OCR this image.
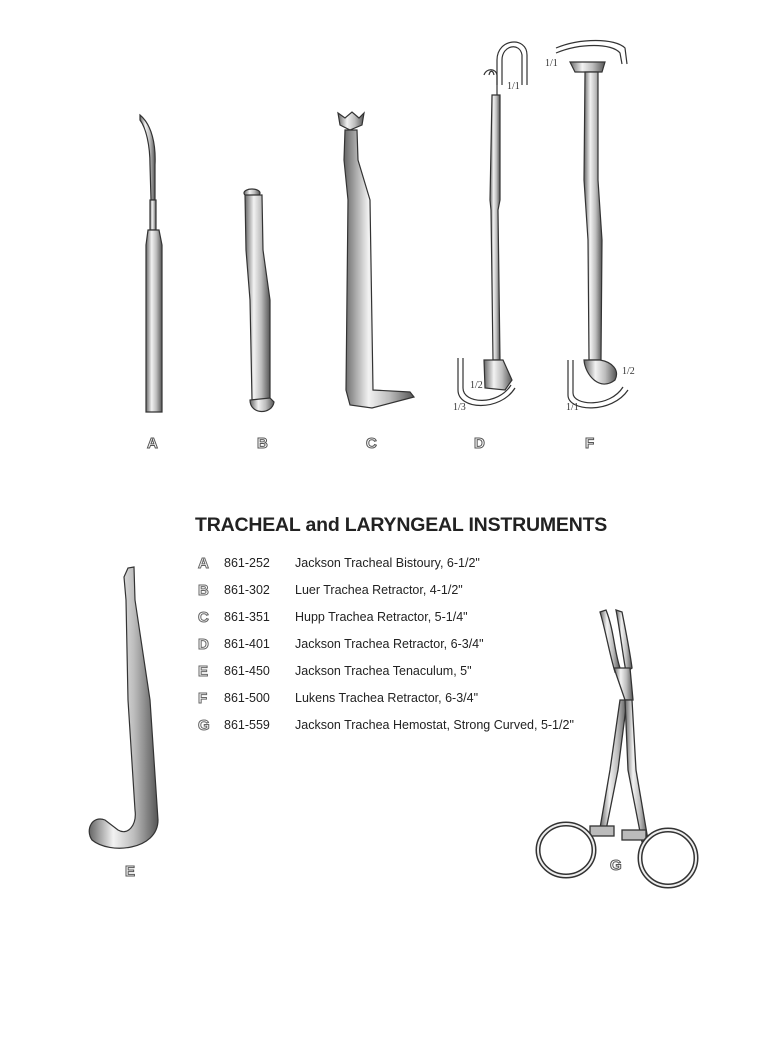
1/1
1/2
1/3
1/1
1/2
1/1
A	B	C	D	F
E	G
TRACHEAL and LARYNGEAL INSTRUMENTS
A 861-252 Jackson Tracheal Bistoury, 6-1/2"
B 861-302 Luer Trachea Retractor, 4-1/2"
C 861-351 Hupp Trachea Retractor, 5-1/4"
D 861-401 Jackson Trachea Retractor, 6-3/4"
E 861-450 Jackson Trachea Tenaculum, 5"
F 861-500 Lukens Trachea Retractor, 6-3/4"
G 861-559 Jackson Trachea Hemostat, Strong Curved, 5-1/2"
